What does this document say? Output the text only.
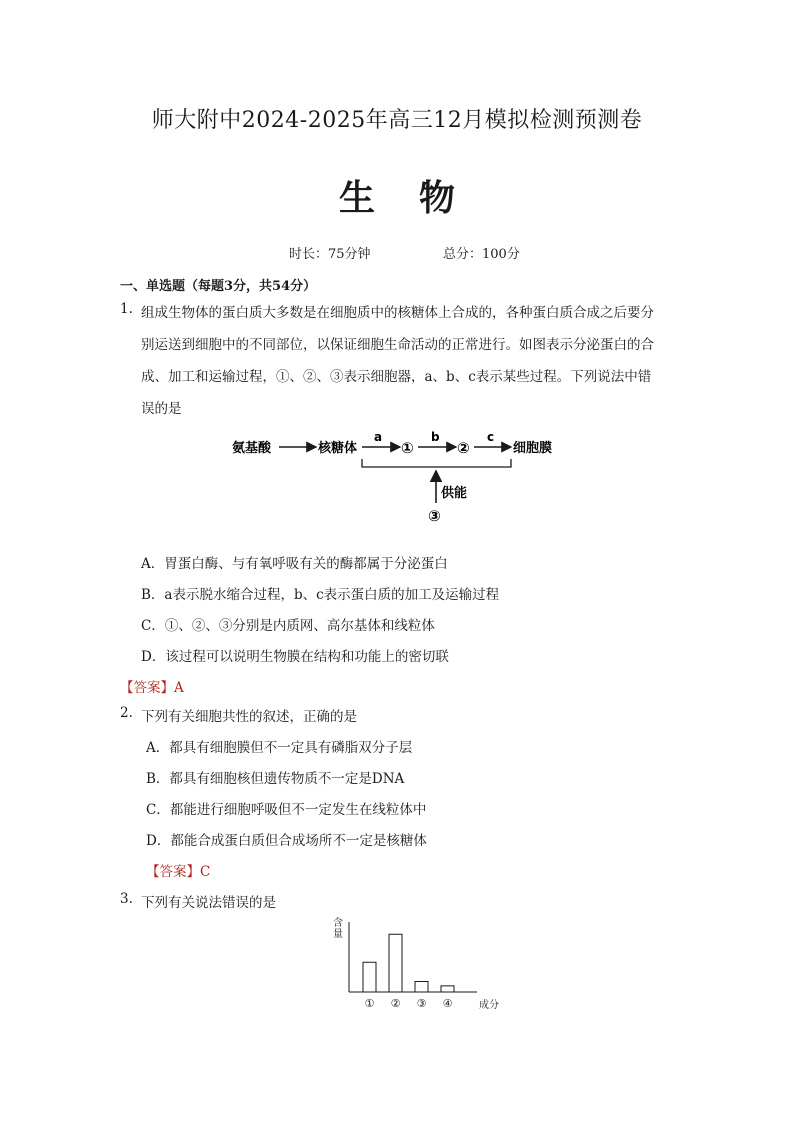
师大附中2024-2025年高三12月模拟检测预测卷
生物
时长：75分钟	总分：100分
一、单选题（每题3分，共54分）
1. 组成生物体的蛋白质大多数是在细胞质中的核糖体上合成的，各种蛋白质合成之后要分
别运送到细胞中的不同部位，以保证细胞生命活动的正常进行。如图表示分泌蛋白的合
成、加工和运输过程，①、②、③表示细胞器，a、b、c表示某些过程。下列说法中错
误的是
氨基酸	核糖体
a
①
b
②
c
细胞膜
供能
③
A．胃蛋白酶、与有氧呼吸有关的酶都属于分泌蛋白
B．a表示脱水缩合过程，b、c表示蛋白质的加工及运输过程
C．①、②、③分别是内质网、高尔基体和线粒体
D．该过程可以说明生物膜在结构和功能上的密切联
【答案】A
2. 下列有关细胞共性的叙述，正确的是
A．都具有细胞膜但不一定具有磷脂双分子层
B．都具有细胞核但遗传物质不一定是DNA
C．都能进行细胞呼吸但不一定发生在线粒体中
D．都能合成蛋白质但合成场所不一定是核糖体
【答案】C
3. 下列有关说法错误的是
含
量
成分
① ② ③ ④
